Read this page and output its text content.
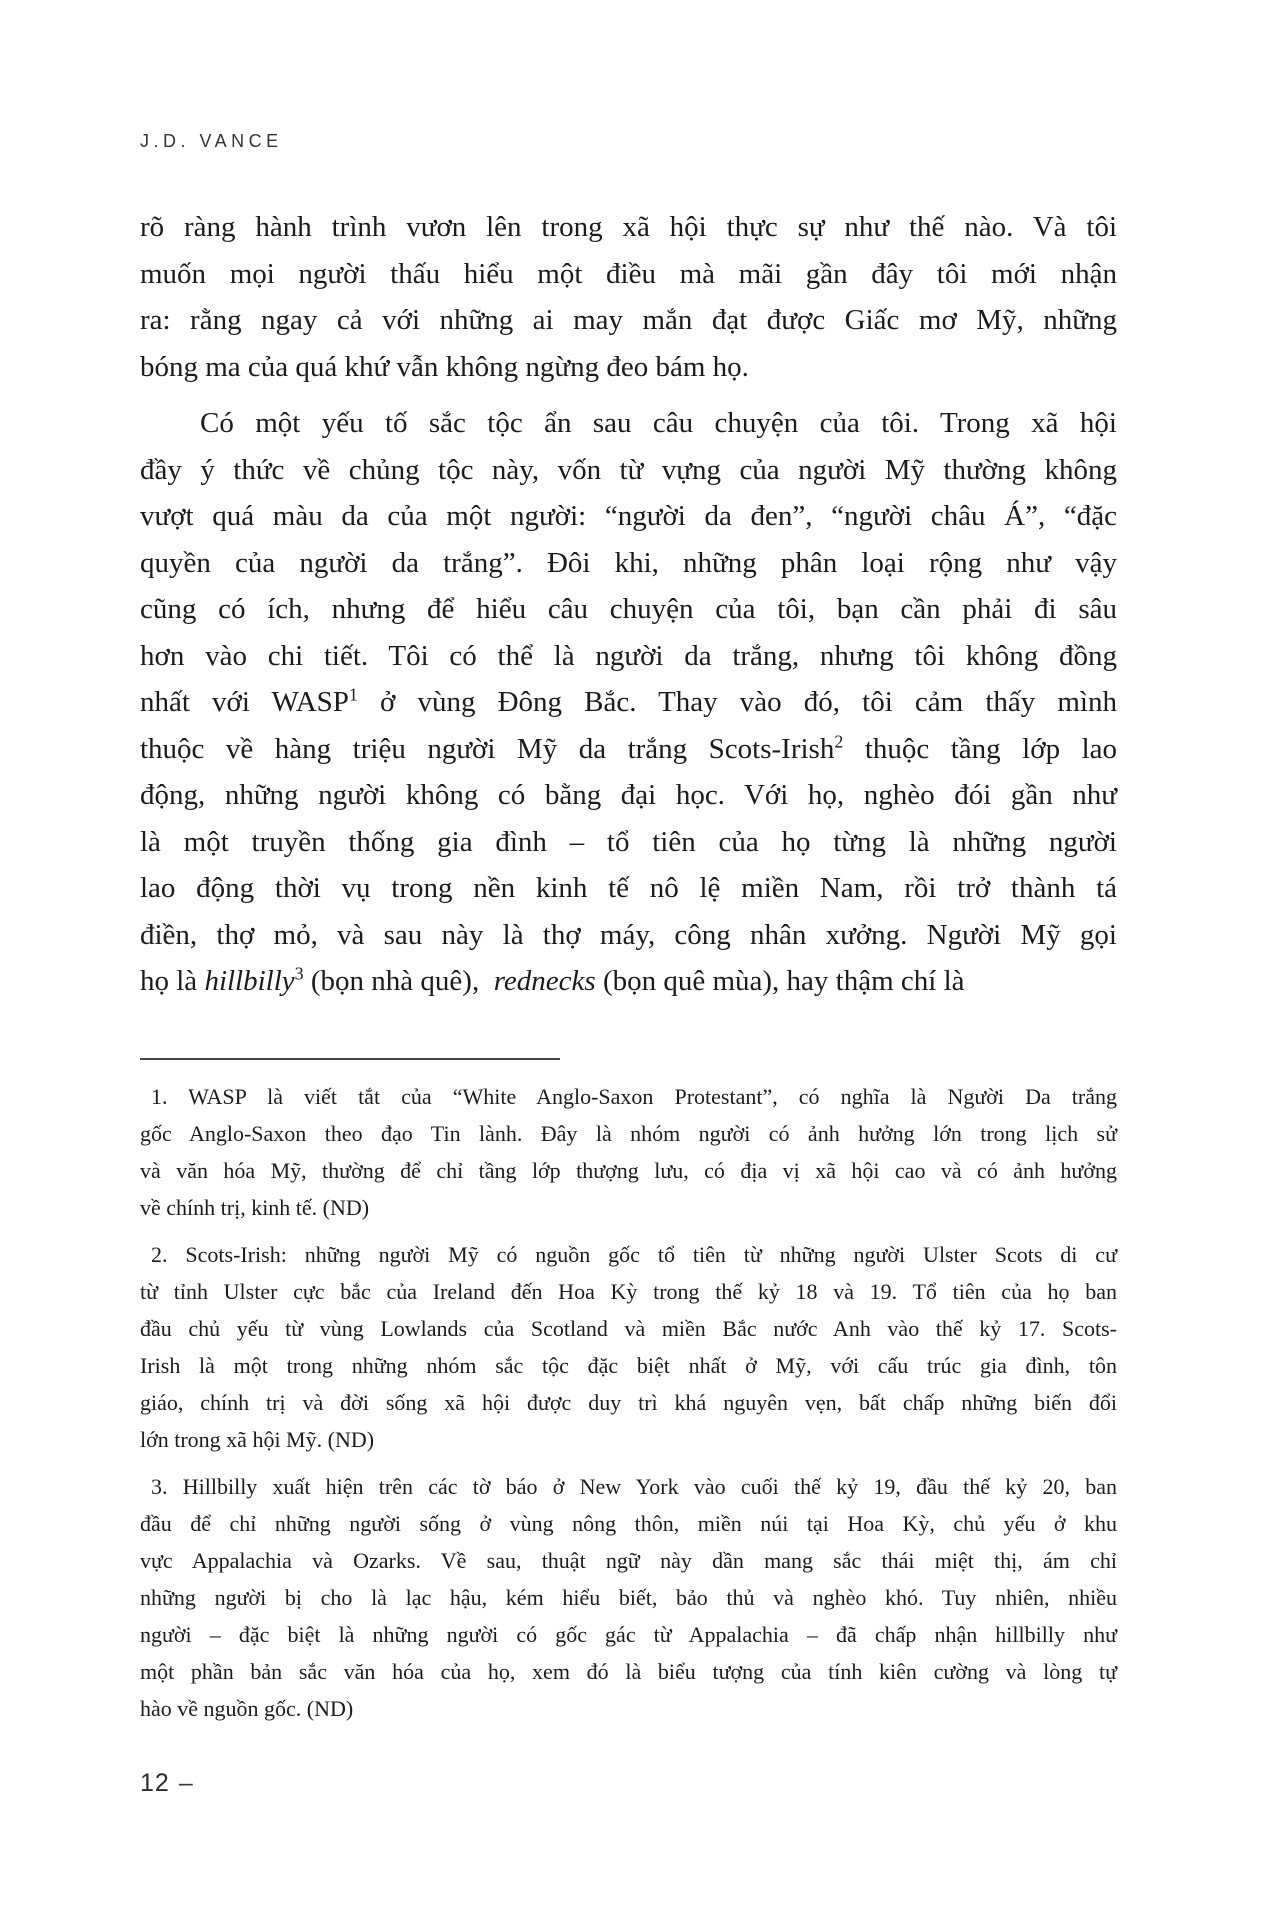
J.D. VANCE
rõ ràng hành trình vươn lên trong xã hội thực sự như thế nào. Và tôi
muốn mọi người thấu hiểu một điều mà mãi gần đây tôi mới nhận
ra: rằng ngay cả với những ai may mắn đạt được Giấc mơ Mỹ, những
bóng ma của quá khứ vẫn không ngừng đeo bám họ.
Có một yếu tố sắc tộc ẩn sau câu chuyện của tôi. Trong xã hội
đầy ý thức về chủng tộc này, vốn từ vựng của người Mỹ thường không
vượt quá màu da của một người: “người da đen”, “người châu Á”, “đặc
quyền của người da trắng”. Đôi khi, những phân loại rộng như vậy
cũng có ích, nhưng để hiểu câu chuyện của tôi, bạn cần phải đi sâu
hơn vào chi tiết. Tôi có thể là người da trắng, nhưng tôi không đồng
nhất với WASP$^1$ ở vùng Đông Bắc. Thay vào đó, tôi cảm thấy mình
thuộc về hàng triệu người Mỹ da trắng Scots-Irish$^2$ thuộc tầng lớp lao
động, những người không có bằng đại học. Với họ, nghèo đói gần như
là một truyền thống gia đình – tổ tiên của họ từng là những người
lao động thời vụ trong nền kinh tế nô lệ miền Nam, rồi trở thành tá
điền, thợ mỏ, và sau này là thợ máy, công nhân xưởng. Người Mỹ gọi
họ là hillbilly$^3$ (bọn nhà quê),  rednecks (bọn quê mùa), hay thậm chí là
1. WASP là viết tắt của “White Anglo-Saxon Protestant”, có nghĩa là Người Da trắng
gốc Anglo-Saxon theo đạo Tin lành. Đây là nhóm người có ảnh hưởng lớn trong lịch sử
và văn hóa Mỹ, thường để chỉ tầng lớp thượng lưu, có địa vị xã hội cao và có ảnh hưởng
về chính trị, kinh tế. (ND)
2. Scots-Irish: những người Mỹ có nguồn gốc tổ tiên từ những người Ulster Scots di cư
từ tỉnh Ulster cực bắc của Ireland đến Hoa Kỳ trong thế kỷ 18 và 19. Tổ tiên của họ ban
đầu chủ yếu từ vùng Lowlands của Scotland và miền Bắc nước Anh vào thế kỷ 17. Scots-
Irish là một trong những nhóm sắc tộc đặc biệt nhất ở Mỹ, với cấu trúc gia đình, tôn
giáo, chính trị và đời sống xã hội được duy trì khá nguyên vẹn, bất chấp những biến đổi
lớn trong xã hội Mỹ. (ND)
3. Hillbilly xuất hiện trên các tờ báo ở New York vào cuối thế kỷ 19, đầu thế kỷ 20, ban
đầu để chỉ những người sống ở vùng nông thôn, miền núi tại Hoa Kỳ, chủ yếu ở khu
vực Appalachia và Ozarks. Về sau, thuật ngữ này dần mang sắc thái miệt thị, ám chỉ
những người bị cho là lạc hậu, kém hiểu biết, bảo thủ và nghèo khó. Tuy nhiên, nhiều
người – đặc biệt là những người có gốc gác từ Appalachia – đã chấp nhận hillbilly như
một phần bản sắc văn hóa của họ, xem đó là biểu tượng của tính kiên cường và lòng tự
hào về nguồn gốc. (ND)
12 –
